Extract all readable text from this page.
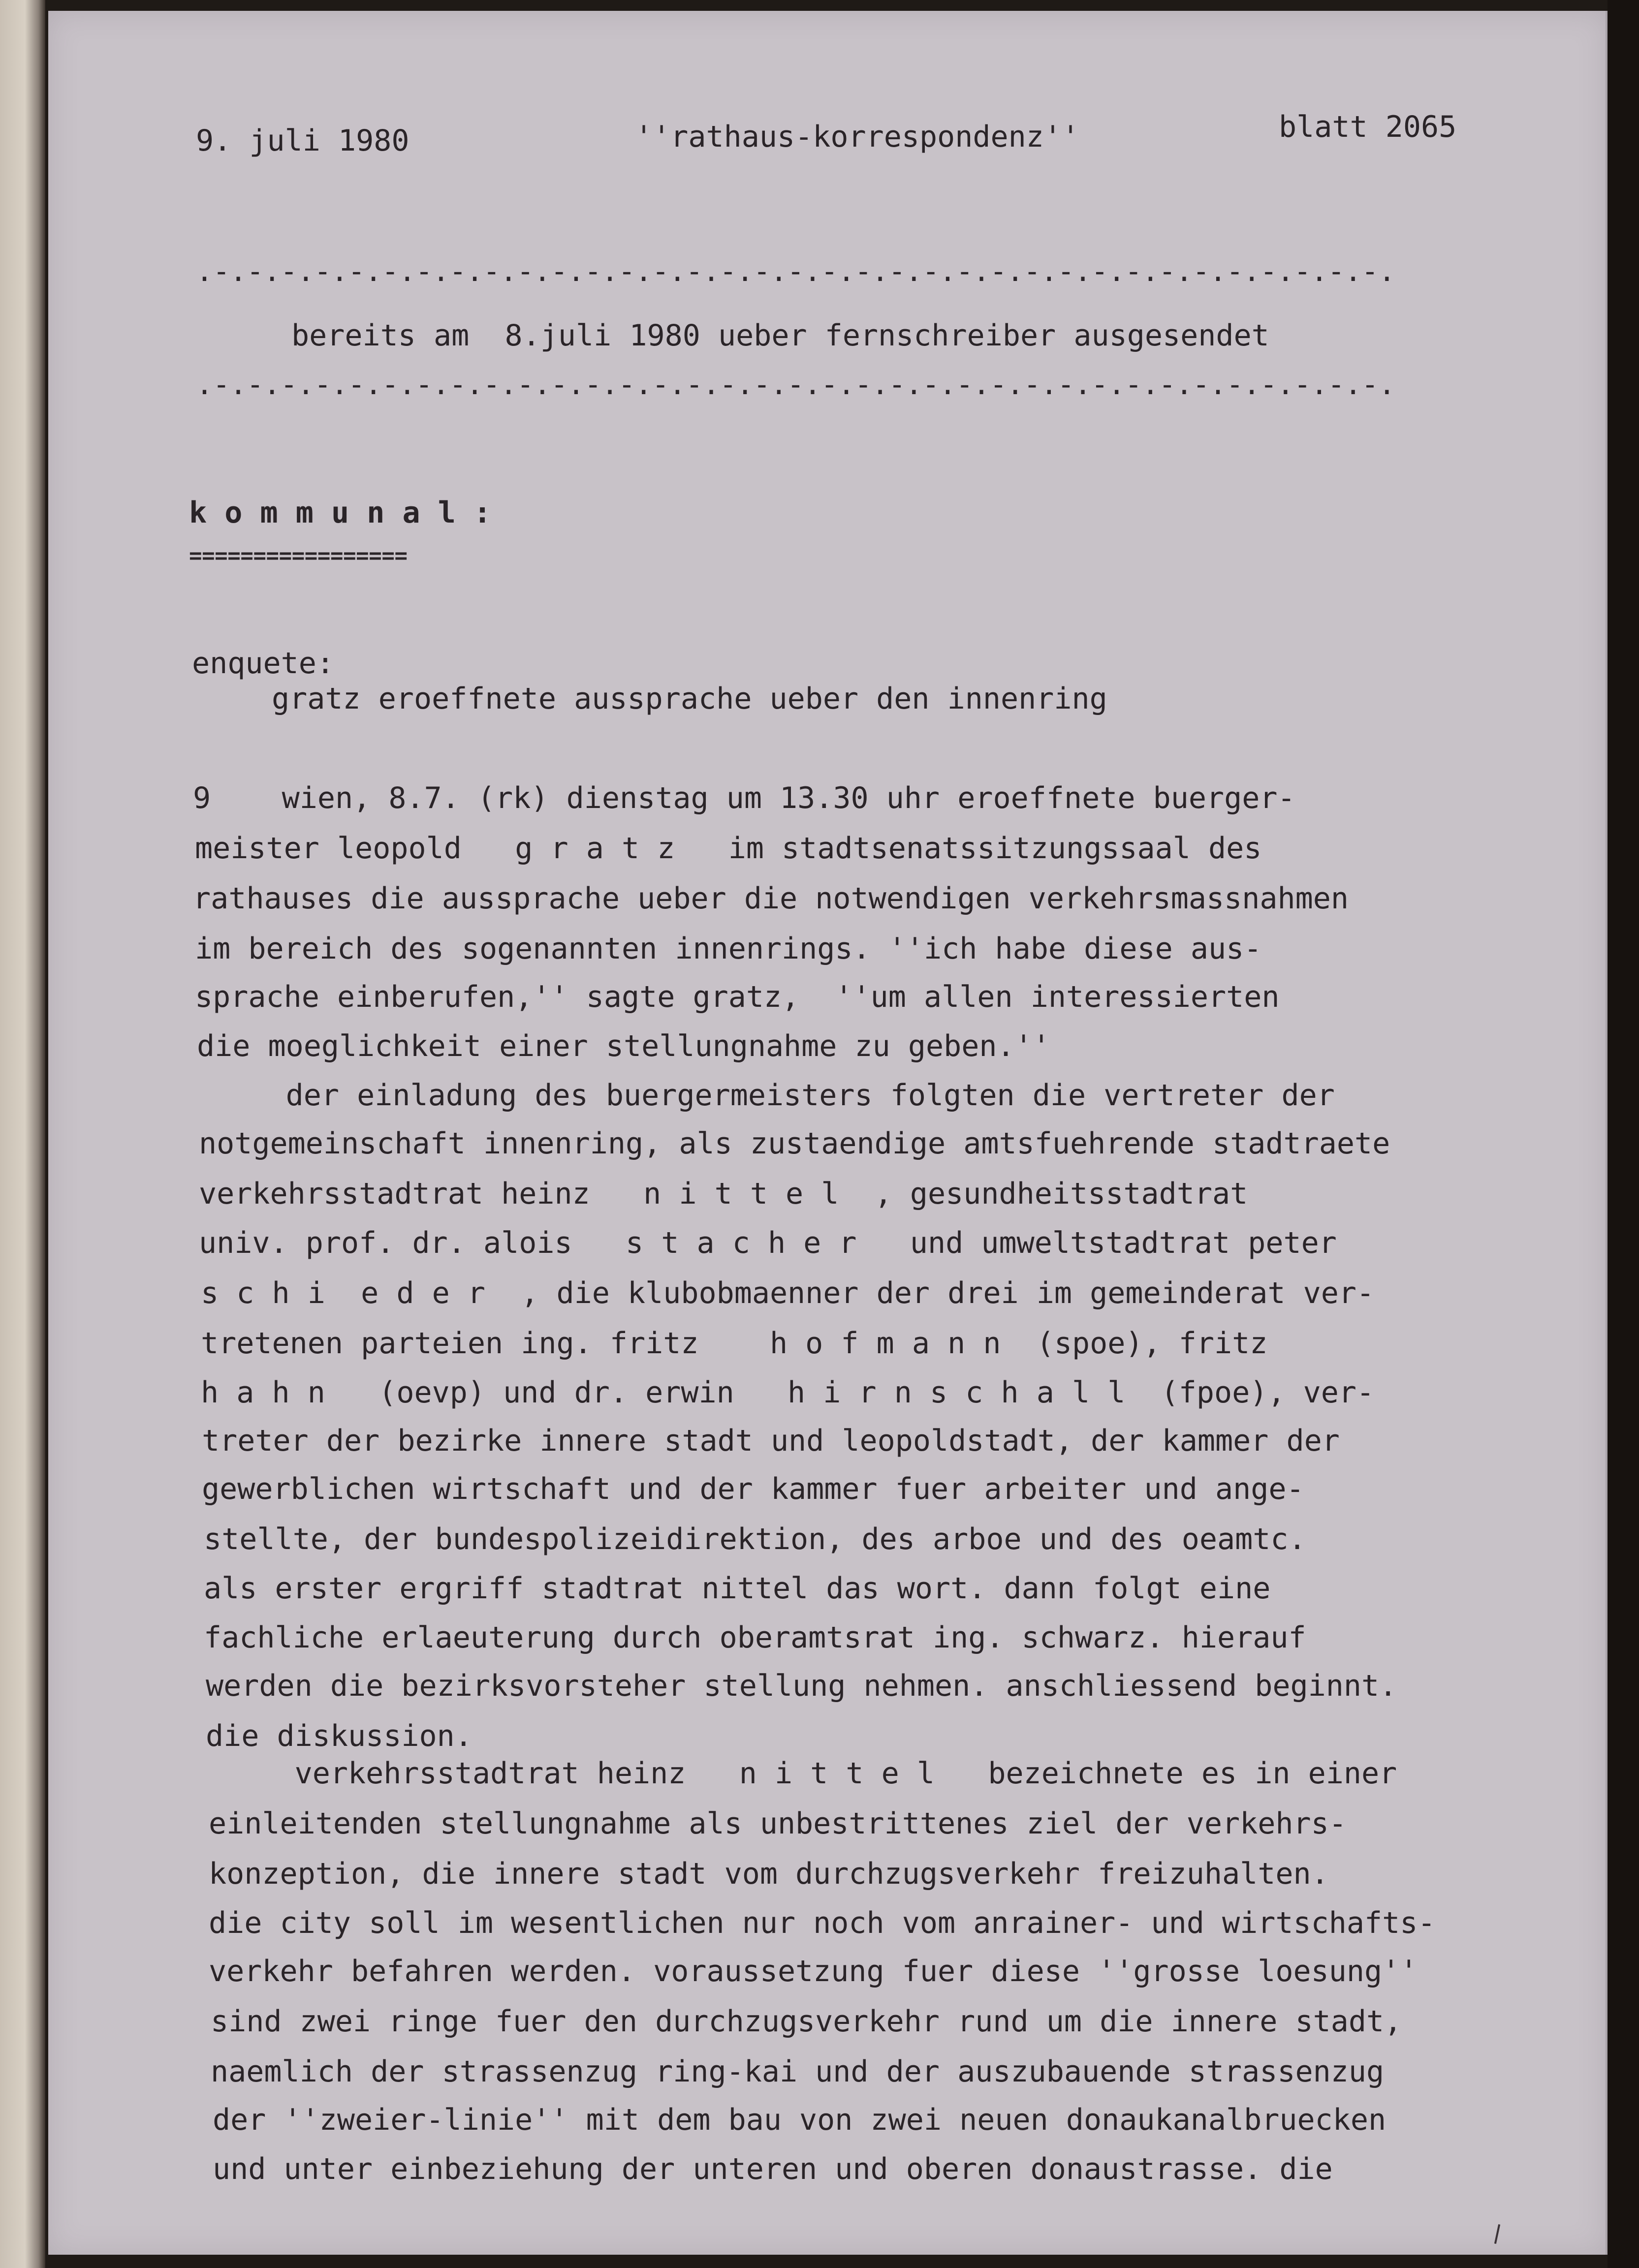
9. juli 1980	''rathaus-korrespondenz''	blatt 2065

.-.-.-.-.-.-.-.-.-.-.-.-.-.-.-.-.-.-.-.-.-.-.-.-.-.-.-.-.-.-.-.-.-.-.-.

bereits am  8.juli 1980 ueber fernschreiber ausgesendet

.-.-.-.-.-.-.-.-.-.-.-.-.-.-.-.-.-.-.-.-.-.-.-.-.-.-.-.-.-.-.-.-.-.-.-.

k o m m u n a l :

=================

enquete:

gratz eroeffnete aussprache ueber den innenring

9    wien, 8.7. (rk) dienstag um 13.30 uhr eroeffnete buerger-

meister leopold   g r a t z   im stadtsenatssitzungssaal des

rathauses die aussprache ueber die notwendigen verkehrsmassnahmen

im bereich des sogenannten innenrings. ''ich habe diese aus-

sprache einberufen,'' sagte gratz,  ''um allen interessierten

die moeglichkeit einer stellungnahme zu geben.''

der einladung des buergermeisters folgten die vertreter der

notgemeinschaft innenring, als zustaendige amtsfuehrende stadtraete

verkehrsstadtrat heinz   n i t t e l  , gesundheitsstadtrat

univ. prof. dr. alois   s t a c h e r   und umweltstadtrat peter

s c h i  e d e r  , die klubobmaenner der drei im gemeinderat ver-

tretenen parteien ing. fritz    h o f m a n n  (spoe), fritz

h a h n   (oevp) und dr. erwin   h i r n s c h a l l  (fpoe), ver-

treter der bezirke innere stadt und leopoldstadt, der kammer der

gewerblichen wirtschaft und der kammer fuer arbeiter und ange-

stellte, der bundespolizeidirektion, des arboe und des oeamtc.

als erster ergriff stadtrat nittel das wort. dann folgt eine

fachliche erlaeuterung durch oberamtsrat ing. schwarz. hierauf

werden die bezirksvorsteher stellung nehmen. anschliessend beginnt.

die diskussion.

verkehrsstadtrat heinz   n i t t e l   bezeichnete es in einer

einleitenden stellungnahme als unbestrittenes ziel der verkehrs-

konzeption, die innere stadt vom durchzugsverkehr freizuhalten.

die city soll im wesentlichen nur noch vom anrainer- und wirtschafts-

verkehr befahren werden. voraussetzung fuer diese ''grosse loesung''

sind zwei ringe fuer den durchzugsverkehr rund um die innere stadt,

naemlich der strassenzug ring-kai und der auszubauende strassenzug

der ''zweier-linie'' mit dem bau von zwei neuen donaukanalbruecken

und unter einbeziehung der unteren und oberen donaustrasse. die
